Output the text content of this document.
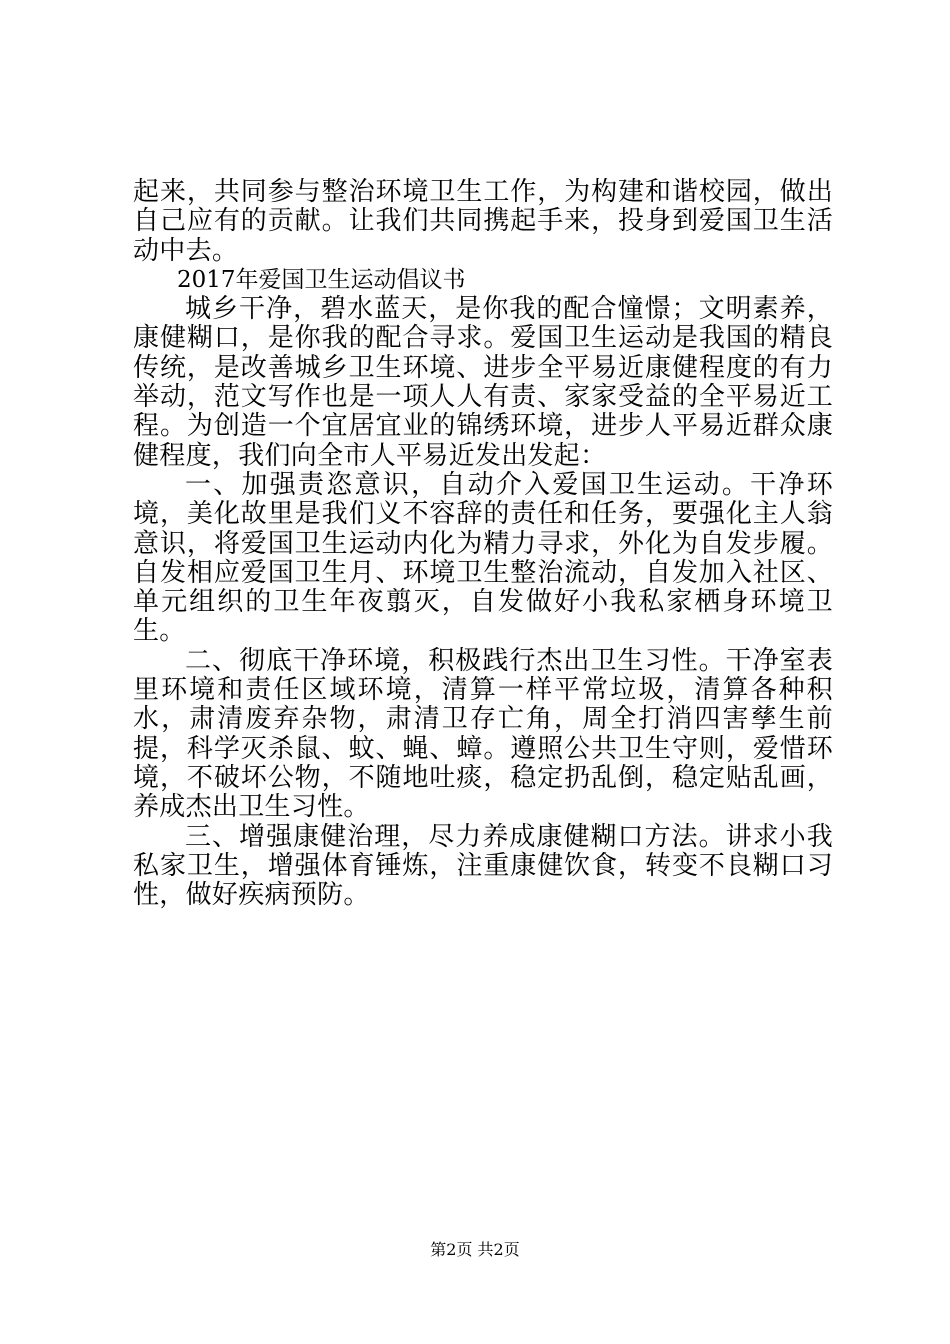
起来，共同参与整治环境卫生工作，为构建和谐校园，做出自己应有的贡献。让我们共同携起手来，投身到爱国卫生活动中去。

2017年爱国卫生运动倡议书

城乡干净，碧水蓝天，是你我的配合憧憬；文明素养，康健糊口，是你我的配合寻求。爱国卫生运动是我国的精良传统，是改善城乡卫生环境、进步全平易近康健程度的有力举动，范文写作也是一项人人有责、家家受益的全平易近工程。为创造一个宜居宜业的锦绣环境，进步人平易近群众康健程度，我们向全市人平易近发出发起：

一、加强责恣意识，自动介入爱国卫生运动。干净环境，美化故里是我们义不容辞的责任和任务，要强化主人翁意识，将爱国卫生运动内化为精力寻求，外化为自发步履。自发相应爱国卫生月、环境卫生整治流动，自发加入社区、单元组织的卫生年夜翦灭，自发做好小我私家栖身环境卫生。

二、彻底干净环境，积极践行杰出卫生习性。干净室表里环境和责任区域环境，清算一样平常垃圾，清算各种积水，肃清废弃杂物，肃清卫存亡角，周全打消四害孳生前提，科学灭杀鼠、蚊、蝇、蟑。遵照公共卫生守则，爱惜环境，不破坏公物，不随地吐痰，稳定扔乱倒，稳定贴乱画，养成杰出卫生习性。

三、增强康健治理，尽力养成康健糊口方法。讲求小我私家卫生，增强体育锤炼，注重康健饮食，转变不良糊口习性，做好疾病预防。

第2页 共2页
